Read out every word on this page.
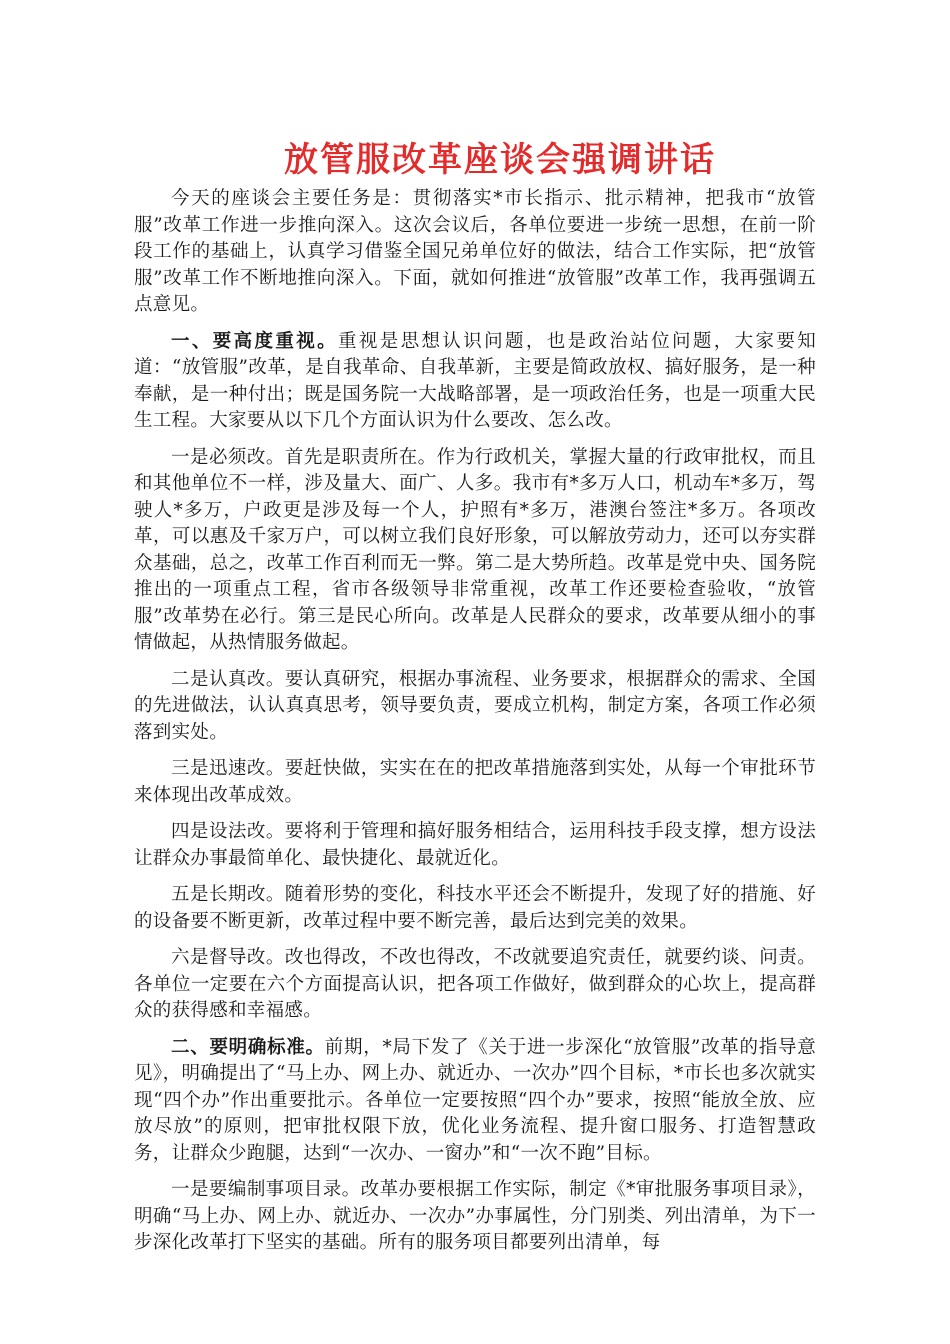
放管服改革座谈会强调讲话

今天的座谈会主要任务是：贯彻落实*市长指示、批示精神，把我市“放管服”改革工作进一步推向深入。这次会议后，各单位要进一步统一思想，在前一阶段工作的基础上，认真学习借鉴全国兄弟单位好的做法，结合工作实际，把“放管服”改革工作不断地推向深入。下面，就如何推进“放管服”改革工作，我再强调五点意见。

一、要高度重视。重视是思想认识问题，也是政治站位问题，大家要知道：“放管服”改革，是自我革命、自我革新，主要是简政放权、搞好服务，是一种奉献，是一种付出；既是国务院一大战略部署，是一项政治任务，也是一项重大民生工程。大家要从以下几个方面认识为什么要改、怎么改。

一是必须改。首先是职责所在。作为行政机关，掌握大量的行政审批权，而且和其他单位不一样，涉及量大、面广、人多。我市有*多万人口，机动车*多万，驾驶人*多万，户政更是涉及每一个人，护照有*多万，港澳台签注*多万。各项改革，可以惠及千家万户，可以树立我们良好形象，可以解放劳动力，还可以夯实群众基础，总之，改革工作百利而无一弊。第二是大势所趋。改革是党中央、国务院推出的一项重点工程，省市各级领导非常重视，改革工作还要检查验收，“放管服”改革势在必行。第三是民心所向。改革是人民群众的要求，改革要从细小的事情做起，从热情服务做起。

二是认真改。要认真研究，根据办事流程、业务要求，根据群众的需求、全国的先进做法，认认真真思考，领导要负责，要成立机构，制定方案，各项工作必须落到实处。

三是迅速改。要赶快做，实实在在的把改革措施落到实处，从每一个审批环节来体现出改革成效。

四是设法改。要将利于管理和搞好服务相结合，运用科技手段支撑，想方设法让群众办事最简单化、最快捷化、最就近化。

五是长期改。随着形势的变化，科技水平还会不断提升，发现了好的措施、好的设备要不断更新，改革过程中要不断完善，最后达到完美的效果。

六是督导改。改也得改，不改也得改，不改就要追究责任，就要约谈、问责。各单位一定要在六个方面提高认识，把各项工作做好，做到群众的心坎上，提高群众的获得感和幸福感。

二、要明确标准。前期，*局下发了《关于进一步深化“放管服”改革的指导意见》，明确提出了“马上办、网上办、就近办、一次办”四个目标，*市长也多次就实现“四个办”作出重要批示。各单位一定要按照“四个办”要求，按照“能放全放、应放尽放”的原则，把审批权限下放，优化业务流程、提升窗口服务、打造智慧政务，让群众少跑腿，达到“一次办、一窗办”和“一次不跑”目标。

一是要编制事项目录。改革办要根据工作实际，制定《*审批服务事项目录》，明确“马上办、网上办、就近办、一次办”办事属性，分门别类、列出清单，为下一步深化改革打下坚实的基础。所有的服务项目都要列出清单，每
